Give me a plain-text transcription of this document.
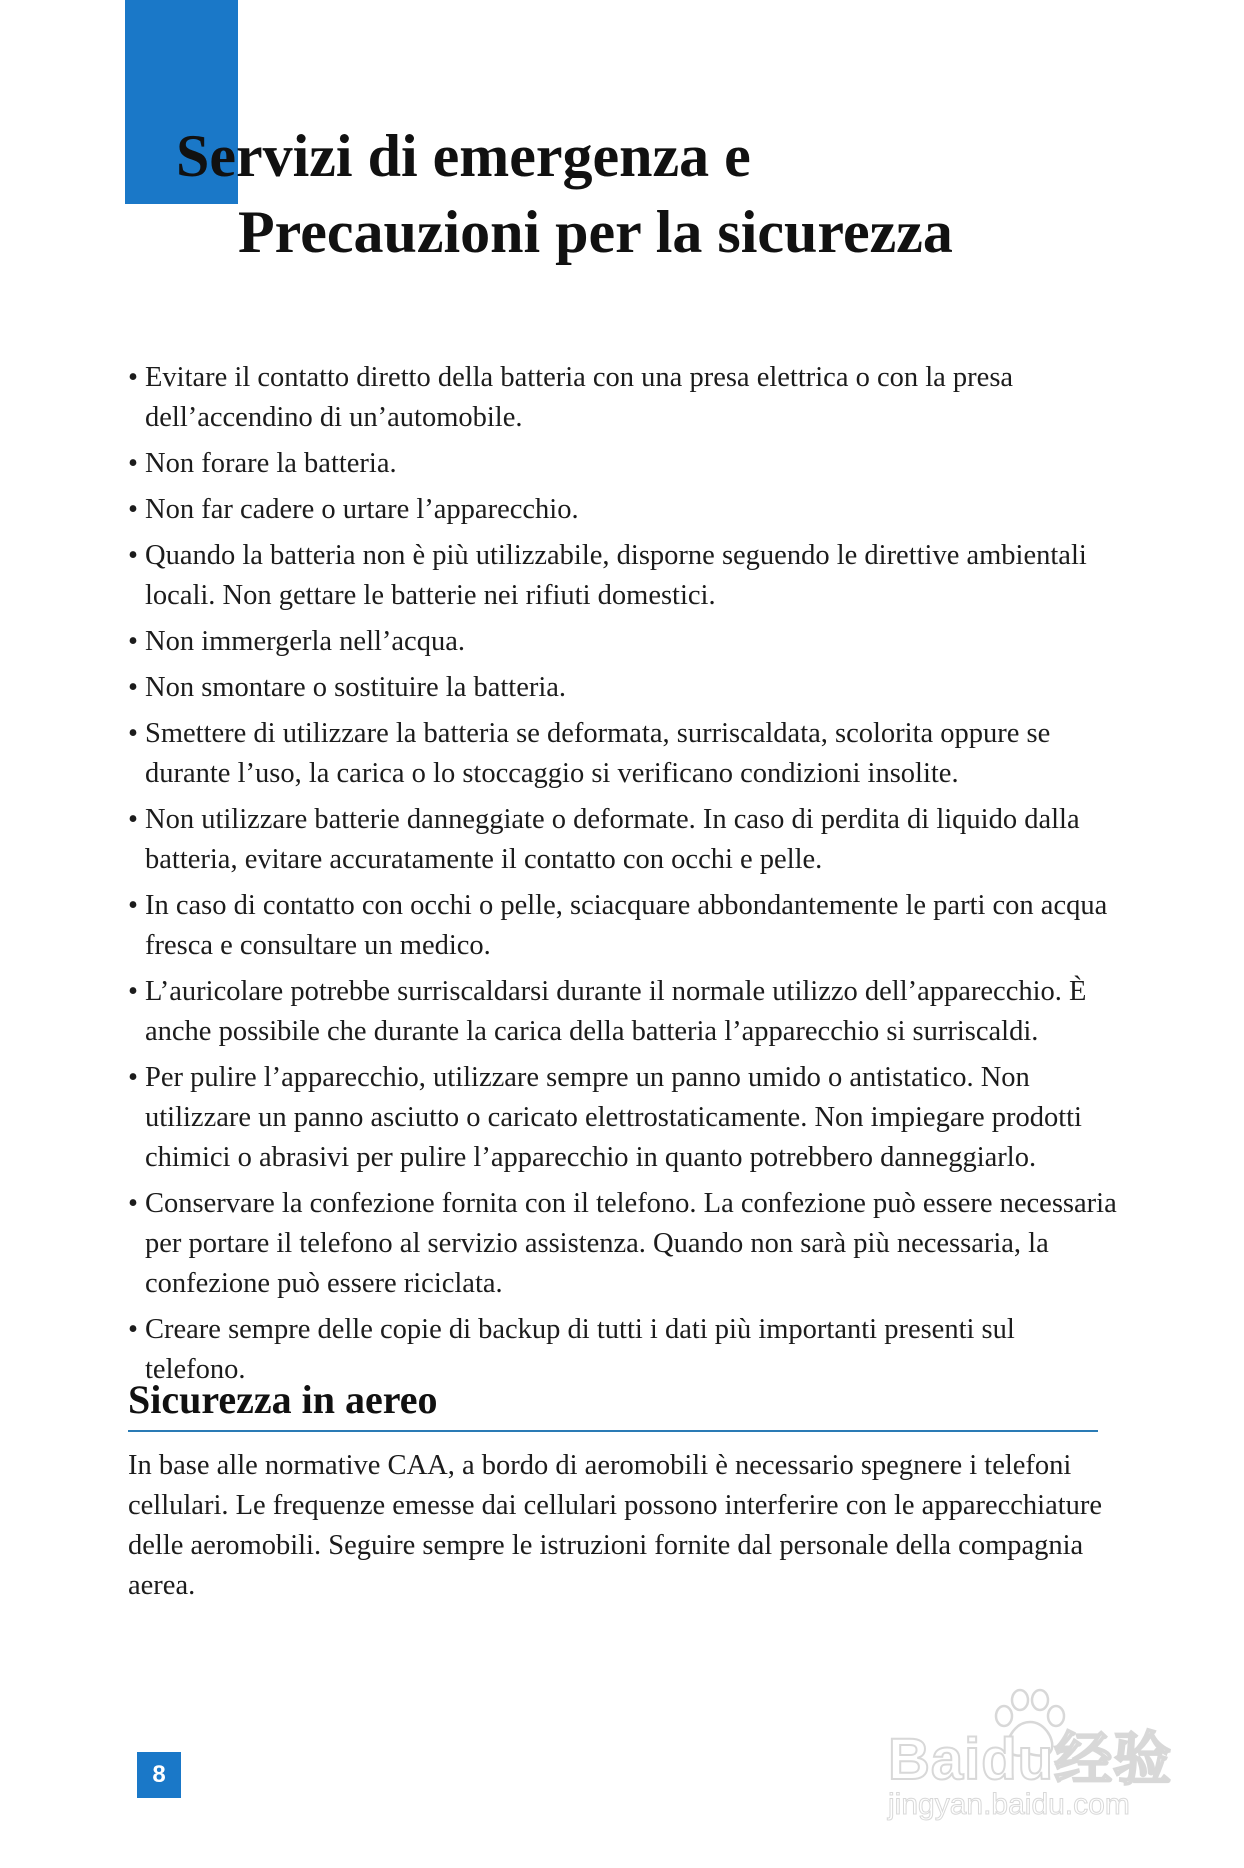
Servizi di emergenza e
Precauzioni per la sicurezza
• Evitare il contatto diretto della batteria con una presa elettrica o con la presa dell’accendino di un’automobile.
• Non forare la batteria.
• Non far cadere o urtare l’apparecchio.
• Quando la batteria non è più utilizzabile, disporne seguendo le direttive ambientali locali. Non gettare le batterie nei rifiuti domestici.
• Non immergerla nell’acqua.
• Non smontare o sostituire la batteria.
• Smettere di utilizzare la batteria se deformata, surriscaldata, scolorita oppure se durante l’uso, la carica o lo stoccaggio si verificano condizioni insolite.
• Non utilizzare batterie danneggiate o deformate. In caso di perdita di liquido dalla batteria, evitare accuratamente il contatto con occhi e pelle.
• In caso di contatto con occhi o pelle, sciacquare abbondantemente le parti con acqua fresca e consultare un medico.
• L’auricolare potrebbe surriscaldarsi durante il normale utilizzo dell’apparecchio. È anche possibile che durante la carica della batteria l’apparecchio si surriscaldi.
• Per pulire l’apparecchio, utilizzare sempre un panno umido o antistatico. Non utilizzare un panno asciutto o caricato elettrostaticamente. Non impiegare prodotti chimici o abrasivi per pulire l’apparecchio in quanto potrebbero danneggiarlo.
• Conservare la confezione fornita con il telefono. La confezione può essere necessaria per portare il telefono al servizio assistenza. Quando non sarà più necessaria, la confezione può essere riciclata.
• Creare sempre delle copie di backup di tutti i dati più importanti presenti sul telefono.
Sicurezza in aereo

In base alle normative CAA, a bordo di aeromobili è necessario spegnere i telefoni cellulari. Le frequenze emesse dai cellulari possono interferire con le apparecchiature delle aeromobili. Seguire sempre le istruzioni fornite dal personale della compagnia aerea.

8	Baidu经验
jingyan.baidu.com
